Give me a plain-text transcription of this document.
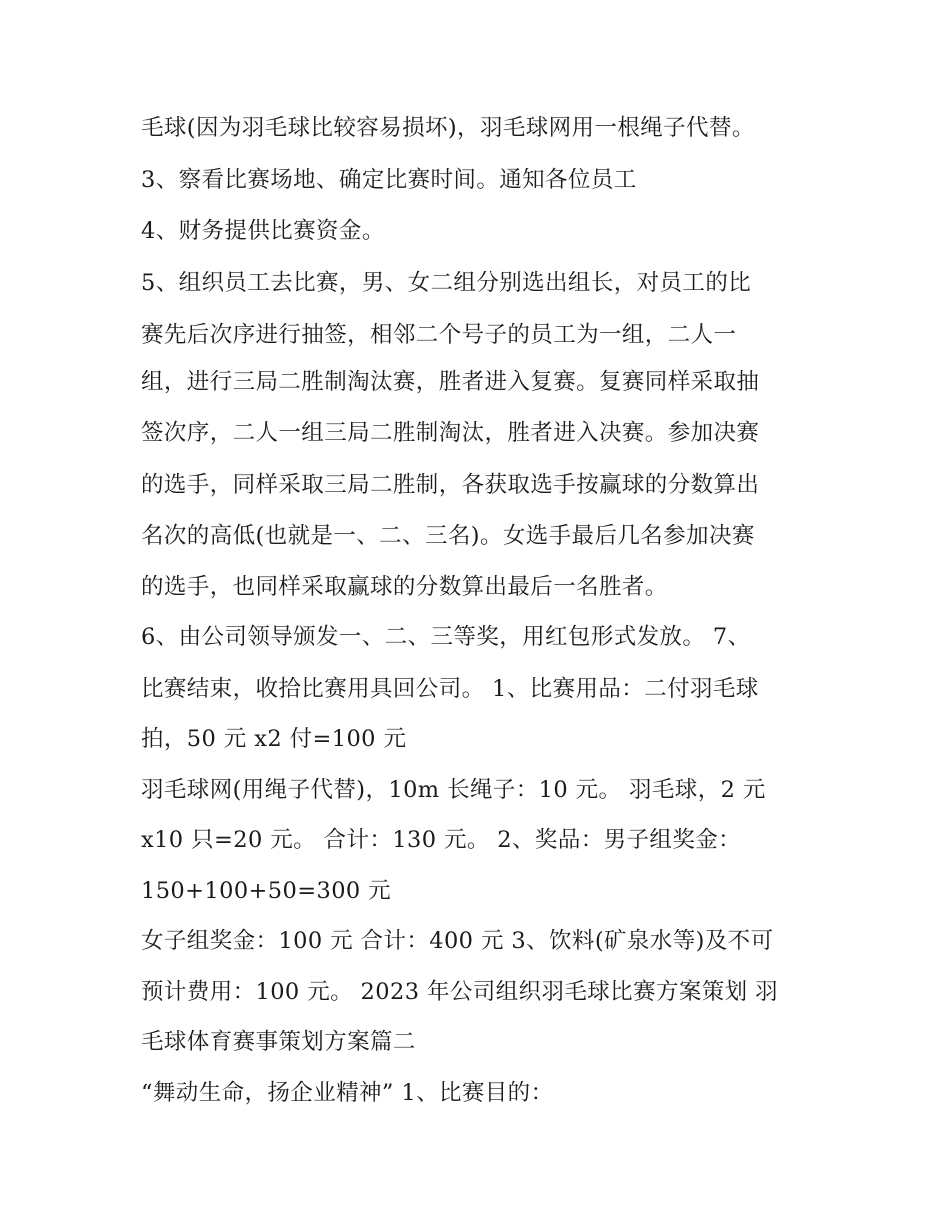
毛球(因为羽毛球比较容易损坏)，羽毛球网用一根绳子代替。

3、察看比赛场地、确定比赛时间。通知各位员工

4、财务提供比赛资金。

5、组织员工去比赛，男、女二组分别选出组长，对员工的比

赛先后次序进行抽签，相邻二个号子的员工为一组，二人一

组，进行三局二胜制淘汰赛，胜者进入复赛。复赛同样采取抽

签次序，二人一组三局二胜制淘汰，胜者进入决赛。参加决赛

的选手，同样采取三局二胜制，各获取选手按赢球的分数算出

名次的高低(也就是一、二、三名)。女选手最后几名参加决赛

的选手，也同样采取赢球的分数算出最后一名胜者。

6、由公司领导颁发一、二、三等奖，用红包形式发放。 7、

比赛结束，收拾比赛用具回公司。 1、比赛用品：二付羽毛球

拍，50 元 x2 付=100 元

羽毛球网(用绳子代替)，10m 长绳子：10 元。 羽毛球，2 元

x10 只=20 元。 合计：130 元。 2、奖品：男子组奖金：

150+100+50=300 元

女子组奖金：100 元 合计：400 元 3、饮料(矿泉水等)及不可

预计费用：100 元。 2023 年公司组织羽毛球比赛方案策划 羽

毛球体育赛事策划方案篇二

“舞动生命，扬企业精神” 1、比赛目的：
